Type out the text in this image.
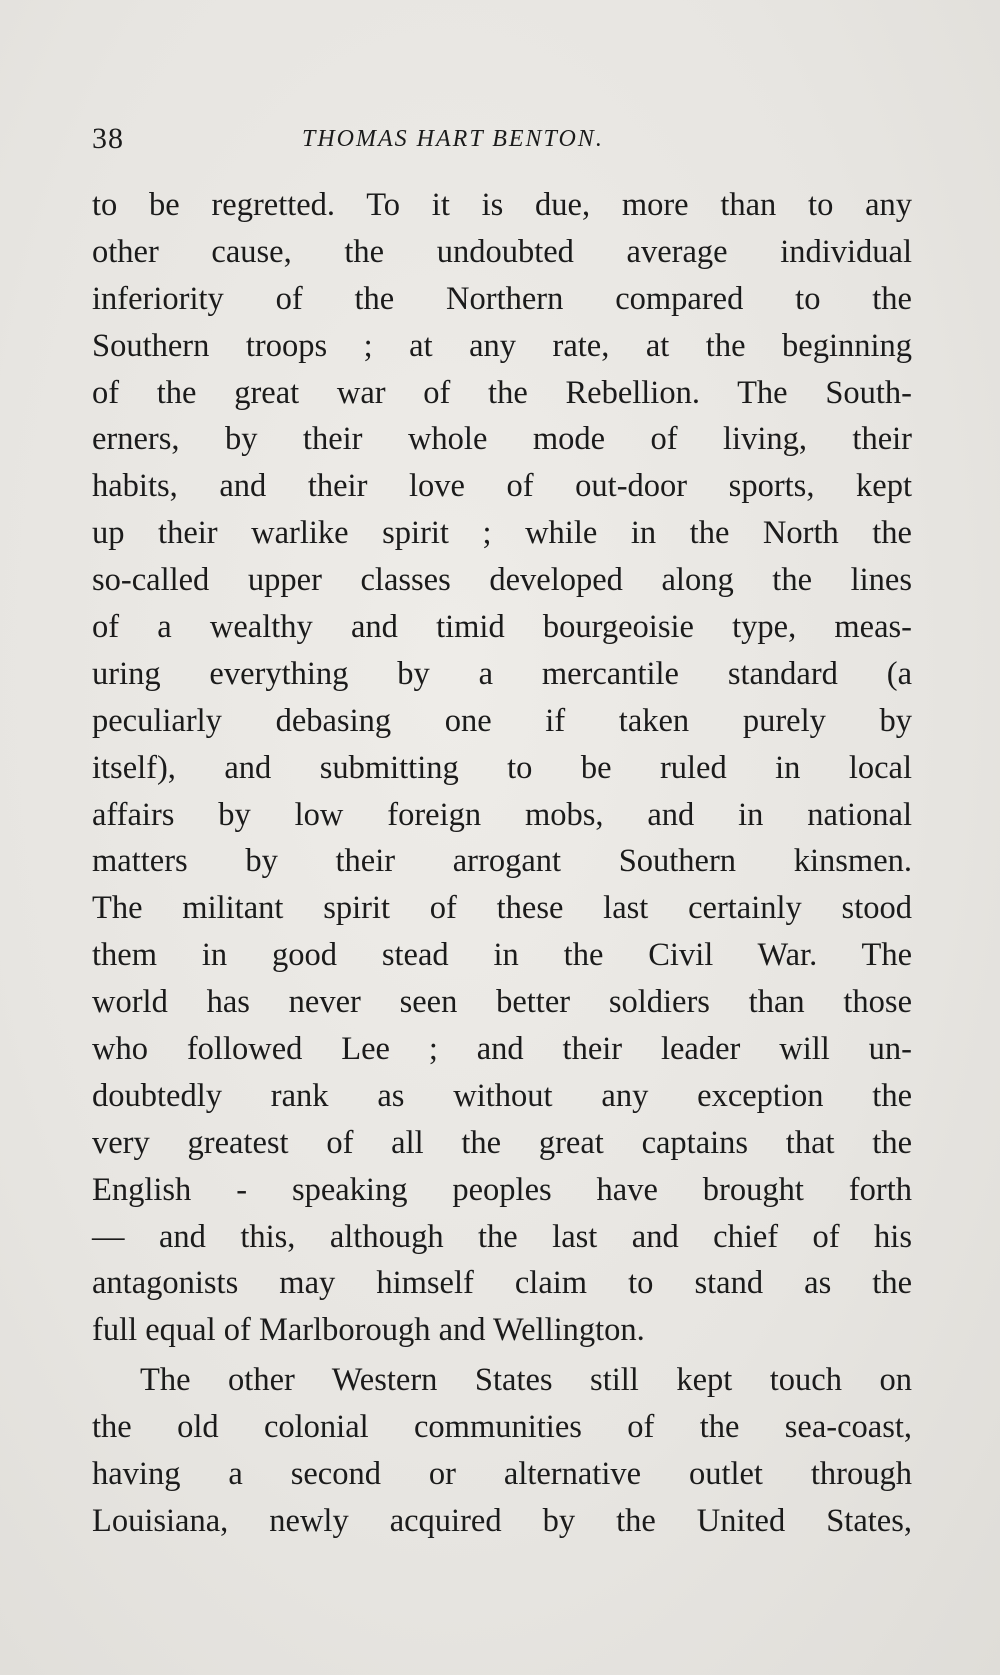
38	THOMAS HART BENTON.
to be regretted. To it is due, more than to any
other cause, the undoubted average individual
inferiority of the Northern compared to the
Southern troops ; at any rate, at the beginning
of the great war of the Rebellion. The South-
erners, by their whole mode of living, their
habits, and their love of out-door sports, kept
up their warlike spirit ; while in the North the
so-called upper classes developed along the lines
of a wealthy and timid bourgeoisie type, meas-
uring everything by a mercantile standard (a
peculiarly debasing one if taken purely by
itself), and submitting to be ruled in local
affairs by low foreign mobs, and in national
matters by their arrogant Southern kinsmen.
The militant spirit of these last certainly stood
them in good stead in the Civil War. The
world has never seen better soldiers than those
who followed Lee ; and their leader will un-
doubtedly rank as without any exception the
very greatest of all the great captains that the
English - speaking peoples have brought forth
— and this, although the last and chief of his
antagonists may himself claim to stand as the
full equal of Marlborough and Wellington.
The other Western States still kept touch on
the old colonial communities of the sea-coast,
having a second or alternative outlet through
Louisiana, newly acquired by the United States,
